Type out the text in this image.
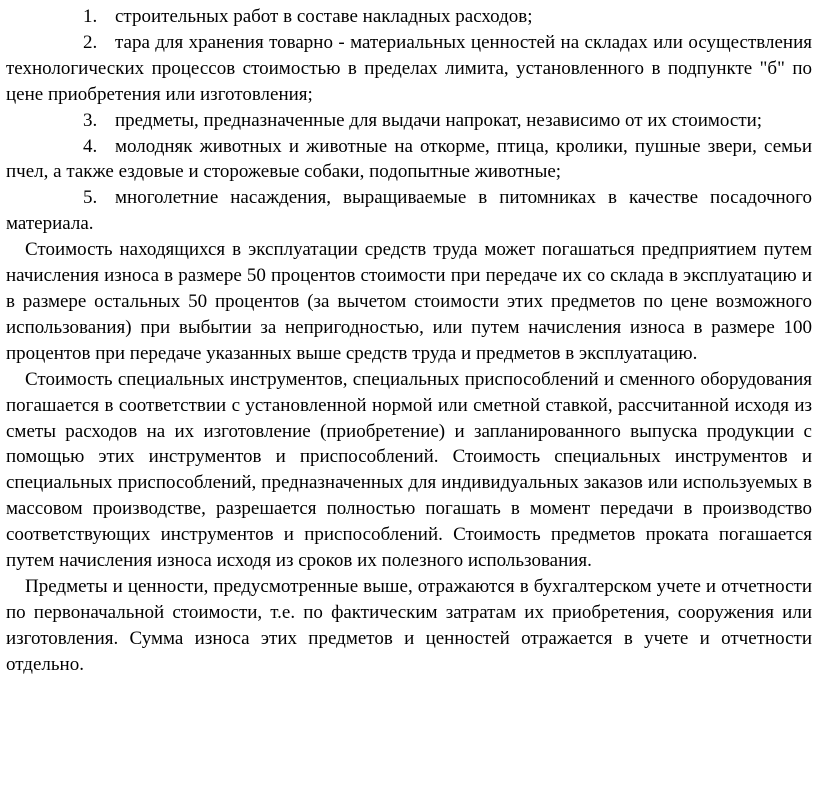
1. строительных работ в составе накладных расходов;
2. тара для хранения товарно - материальных ценностей на складах или осуществления технологических процессов стоимостью в пределах лимита, установленного в подпункте "б" по цене приобретения или изготовления;
3. предметы, предназначенные для выдачи напрокат, независимо от их стоимости;
4. молодняк животных и животные на откорме, птица, кролики, пушные звери, семьи пчел, а также ездовые и сторожевые собаки, подопытные животные;
5. многолетние насаждения, выращиваемые в питомниках в качестве посадочного материала.

Стоимость находящихся в эксплуатации средств труда может погашаться предприятием путем начисления износа в размере 50 процентов стоимости при передаче их со склада в эксплуатацию и в размере остальных 50 процентов (за вычетом стоимости этих предметов по цене возможного использования) при выбытии за непригодностью, или путем начисления износа в размере 100 процентов при передаче указанных выше средств труда и предметов в эксплуатацию.

Стоимость специальных инструментов, специальных приспособлений и сменного оборудования погашается в соответствии с установленной нормой или сметной ставкой, рассчитанной исходя из сметы расходов на их изготовление (приобретение) и запланированного выпуска продукции с помощью этих инструментов и приспособлений. Стоимость специальных инструментов и специальных приспособлений, предназначенных для индивидуальных заказов или используемых в массовом производстве, разрешается полностью погашать в момент передачи в производство соответствующих инструментов и приспособлений. Стоимость предметов проката погашается путем начисления износа исходя из сроков их полезного использования.

Предметы и ценности, предусмотренные выше, отражаются в бухгалтерском учете и отчетности по первоначальной стоимости, т.е. по фактическим затратам их приобретения, сооружения или изготовления. Сумма износа этих предметов и ценностей отражается в учете и отчетности отдельно.
